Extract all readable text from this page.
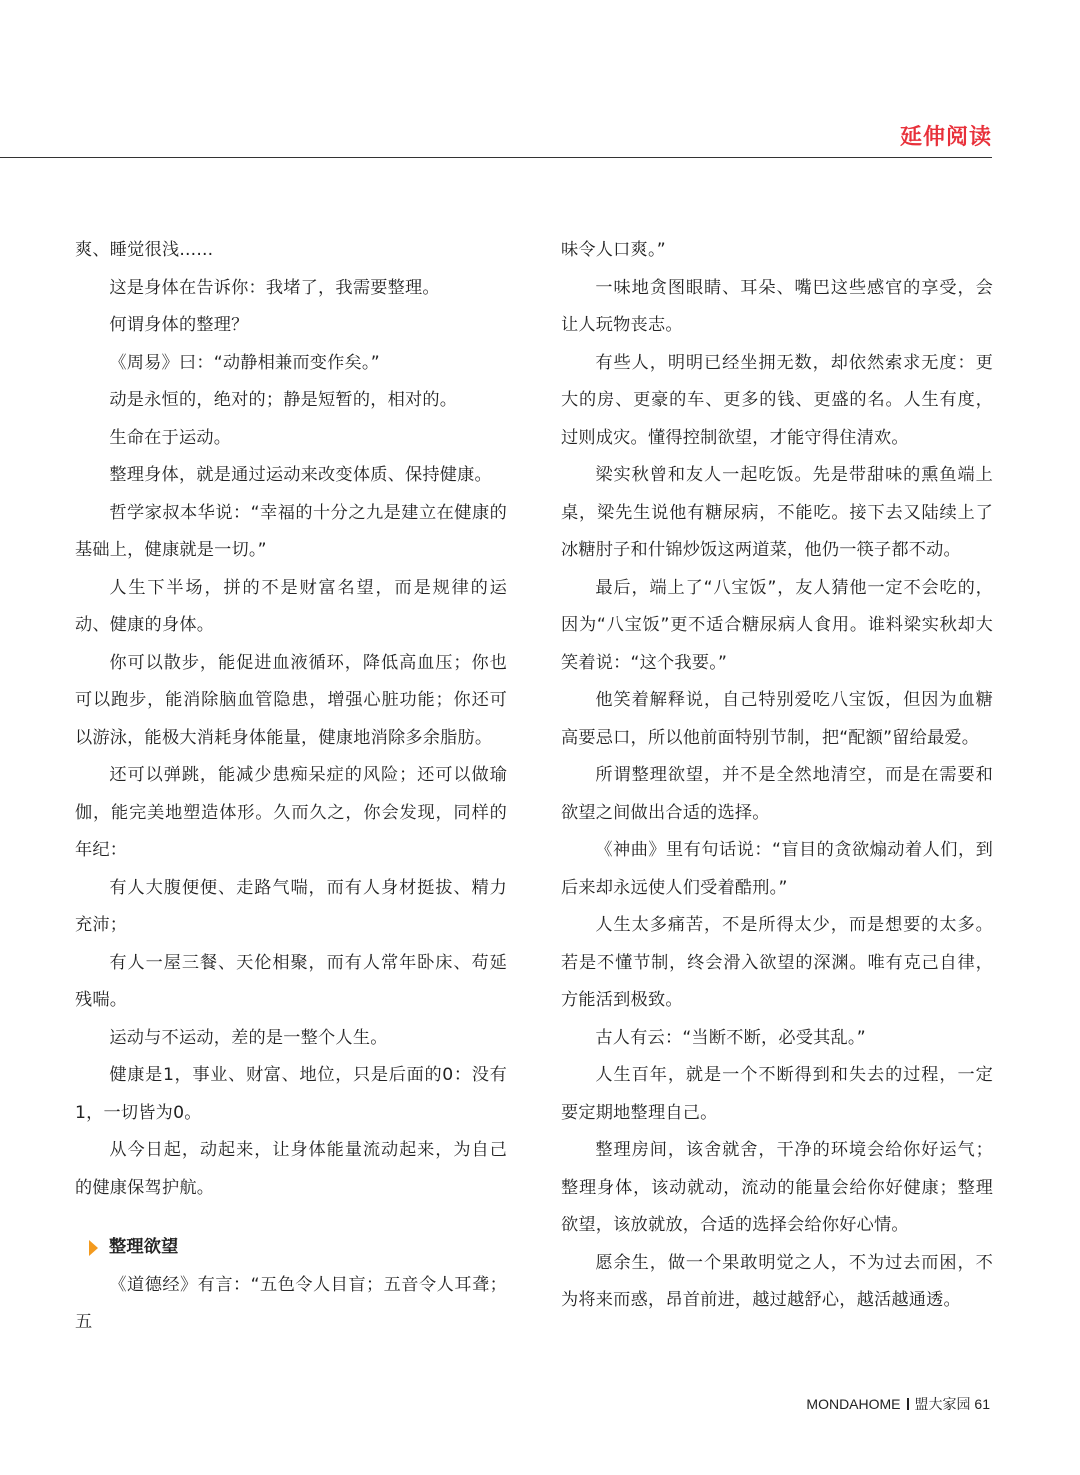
延伸阅读

爽、睡觉很浅......

这是身体在告诉你：我堵了，我需要整理。

何谓身体的整理？

《周易》曰：“动静相兼而变作矣。”

动是永恒的，绝对的；静是短暂的，相对的。

生命在于运动。

整理身体，就是通过运动来改变体质、保持健康。

哲学家叔本华说：“幸福的十分之九是建立在健康的基础上，健康就是一切。”

人生下半场，拼的不是财富名望，而是规律的运动、健康的身体。

你可以散步，能促进血液循环，降低高血压；你也可以跑步，能消除脑血管隐患，增强心脏功能；你还可以游泳，能极大消耗身体能量，健康地消除多余脂肪。

还可以弹跳，能减少患痴呆症的风险；还可以做瑜伽，能完美地塑造体形。久而久之，你会发现，同样的年纪：

有人大腹便便、走路气喘，而有人身材挺拔、精力充沛；

有人一屋三餐、天伦相聚，而有人常年卧床、苟延残喘。

运动与不运动，差的是一整个人生。

健康是1，事业、财富、地位，只是后面的0：没有1，一切皆为0。

从今日起，动起来，让身体能量流动起来，为自己的健康保驾护航。

整理欲望

《道德经》有言：“五色令人目盲；五音令人耳聋；五

味令人口爽。”

一味地贪图眼睛、耳朵、嘴巴这些感官的享受，会让人玩物丧志。

有些人，明明已经坐拥无数，却依然索求无度：更大的房、更豪的车、更多的钱、更盛的名。人生有度，过则成灾。懂得控制欲望，才能守得住清欢。

梁实秋曾和友人一起吃饭。先是带甜味的熏鱼端上桌，梁先生说他有糖尿病，不能吃。接下去又陆续上了冰糖肘子和什锦炒饭这两道菜，他仍一筷子都不动。

最后，端上了“八宝饭”，友人猜他一定不会吃的，因为“八宝饭”更不适合糖尿病人食用。谁料梁实秋却大笑着说：“这个我要。”

他笑着解释说，自己特别爱吃八宝饭，但因为血糖高要忌口，所以他前面特别节制，把“配额”留给最爱。

所谓整理欲望，并不是全然地清空，而是在需要和欲望之间做出合适的选择。

《神曲》里有句话说：“盲目的贪欲煽动着人们，到后来却永远使人们受着酷刑。”

人生太多痛苦，不是所得太少，而是想要的太多。若是不懂节制，终会滑入欲望的深渊。唯有克己自律，方能活到极致。

古人有云：“当断不断，必受其乱。”

人生百年，就是一个不断得到和失去的过程，一定要定期地整理自己。

整理房间，该舍就舍，干净的环境会给你好运气；整理身体，该动就动，流动的能量会给你好健康；整理欲望，该放就放，合适的选择会给你好心情。

愿余生，做一个果敢明觉之人，不为过去而困，不为将来而惑，昂首前进，越过越舒心，越活越通透。

MONDAHOME 盟大家园 61
